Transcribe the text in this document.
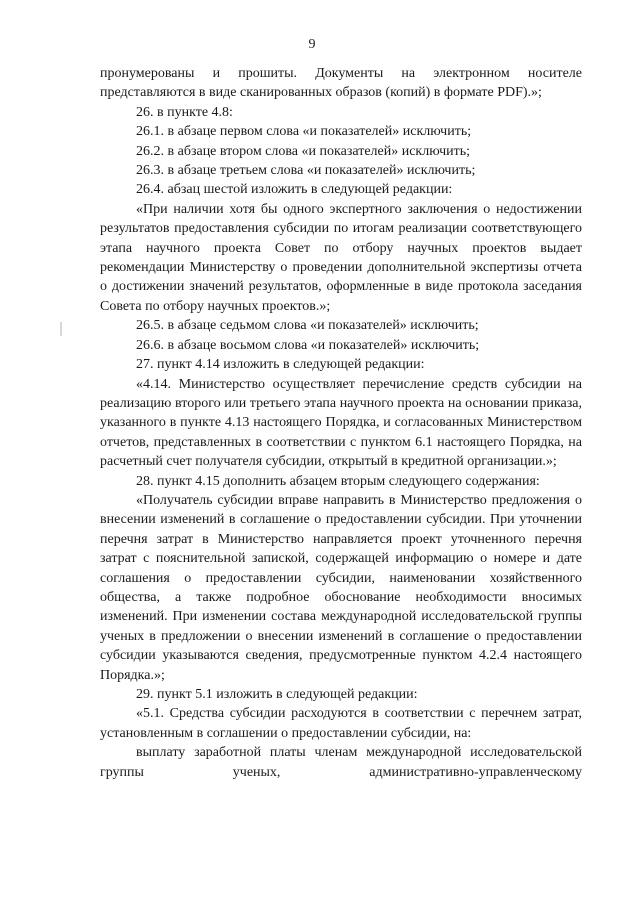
9

пронумерованы и прошиты. Документы на электронном носителе представляются в виде сканированных образов (копий) в формате PDF).»;

26. в пункте 4.8:

26.1. в абзаце первом слова «и показателей» исключить;

26.2. в абзаце втором слова «и показателей» исключить;

26.3. в абзаце третьем слова «и показателей» исключить;

26.4. абзац шестой изложить в следующей редакции:

«При наличии хотя бы одного экспертного заключения о недостижении результатов предоставления субсидии по итогам реализации соответствующего этапа научного проекта Совет по отбору научных проектов выдает рекомендации Министерству о проведении дополнительной экспертизы отчета о достижении значений результатов, оформленные в виде протокола заседания Совета по отбору научных проектов.»;

26.5. в абзаце седьмом слова «и показателей» исключить;

26.6. в абзаце восьмом слова «и показателей» исключить;

27. пункт 4.14 изложить в следующей редакции:

«4.14. Министерство осуществляет перечисление средств субсидии на реализацию второго или третьего этапа научного проекта на основании приказа, указанного в пункте 4.13 настоящего Порядка, и согласованных Министерством отчетов, представленных в соответствии с пунктом 6.1 настоящего Порядка, на расчетный счет получателя субсидии, открытый в кредитной организации.»;

28. пункт 4.15 дополнить абзацем вторым следующего содержания:

«Получатель субсидии вправе направить в Министерство предложения о внесении изменений в соглашение о предоставлении субсидии. При уточнении перечня затрат в Министерство направляется проект уточненного перечня затрат с пояснительной запиской, содержащей информацию о номере и дате соглашения о предоставлении субсидии, наименовании хозяйственного общества, а также подробное обоснование необходимости вносимых изменений. При изменении состава международной исследовательской группы ученых в предложении о внесении изменений в соглашение о предоставлении субсидии указываются сведения, предусмотренные пунктом 4.2.4 настоящего Порядка.»;

29. пункт 5.1 изложить в следующей редакции:

«5.1. Средства субсидии расходуются в соответствии с перечнем затрат, установленным в соглашении о предоставлении субсидии, на:

выплату заработной платы членам международной исследовательской группы ученых, административно-управленческому
